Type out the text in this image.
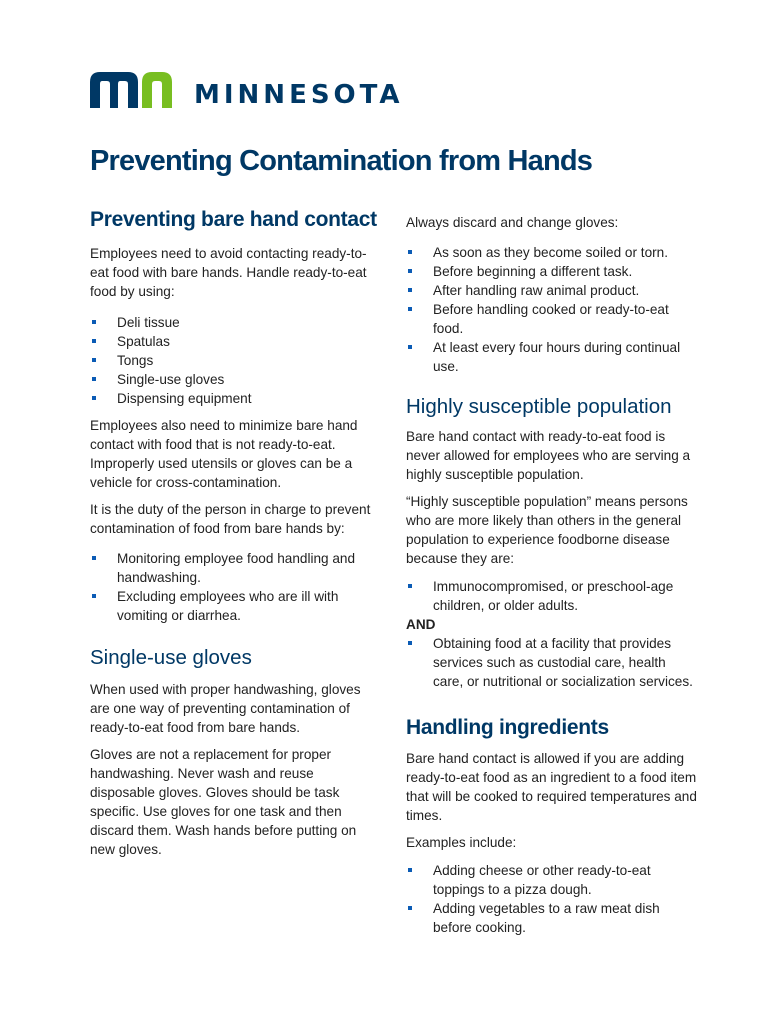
MINNESOTA
Preventing Contamination from Hands
Preventing bare hand contact

Employees need to avoid contacting ready-to-eat food with bare hands. Handle ready-to-eat food by using:

Deli tissue
Spatulas
Tongs
Single-use gloves
Dispensing equipment

Employees also need to minimize bare hand contact with food that is not ready-to-eat. Improperly used utensils or gloves can be a vehicle for cross-contamination.

It is the duty of the person in charge to prevent contamination of food from bare hands by:

Monitoring employee food handling and handwashing.
Excluding employees who are ill with vomiting or diarrhea.
Single-use gloves

When used with proper handwashing, gloves are one way of preventing contamination of ready-to-eat food from bare hands.

Gloves are not a replacement for proper handwashing. Never wash and reuse disposable gloves. Gloves should be task specific. Use gloves for one task and then discard them. Wash hands before putting on new gloves.

Always discard and change gloves:

As soon as they become soiled or torn.
Before beginning a different task.
After handling raw animal product.
Before handling cooked or ready-to-eat food.
At least every four hours during continual use.
Highly susceptible population

Bare hand contact with ready-to-eat food is never allowed for employees who are serving a highly susceptible population.

“Highly susceptible population” means persons who are more likely than others in the general population to experience foodborne disease because they are:

Immunocompromised, or preschool-age children, or older adults.

AND

Obtaining food at a facility that provides services such as custodial care, health care, or nutritional or socialization services.
Handling ingredients

Bare hand contact is allowed if you are adding ready-to-eat food as an ingredient to a food item that will be cooked to required temperatures and times.

Examples include:

Adding cheese or other ready-to-eat toppings to a pizza dough.
Adding vegetables to a raw meat dish before cooking.
